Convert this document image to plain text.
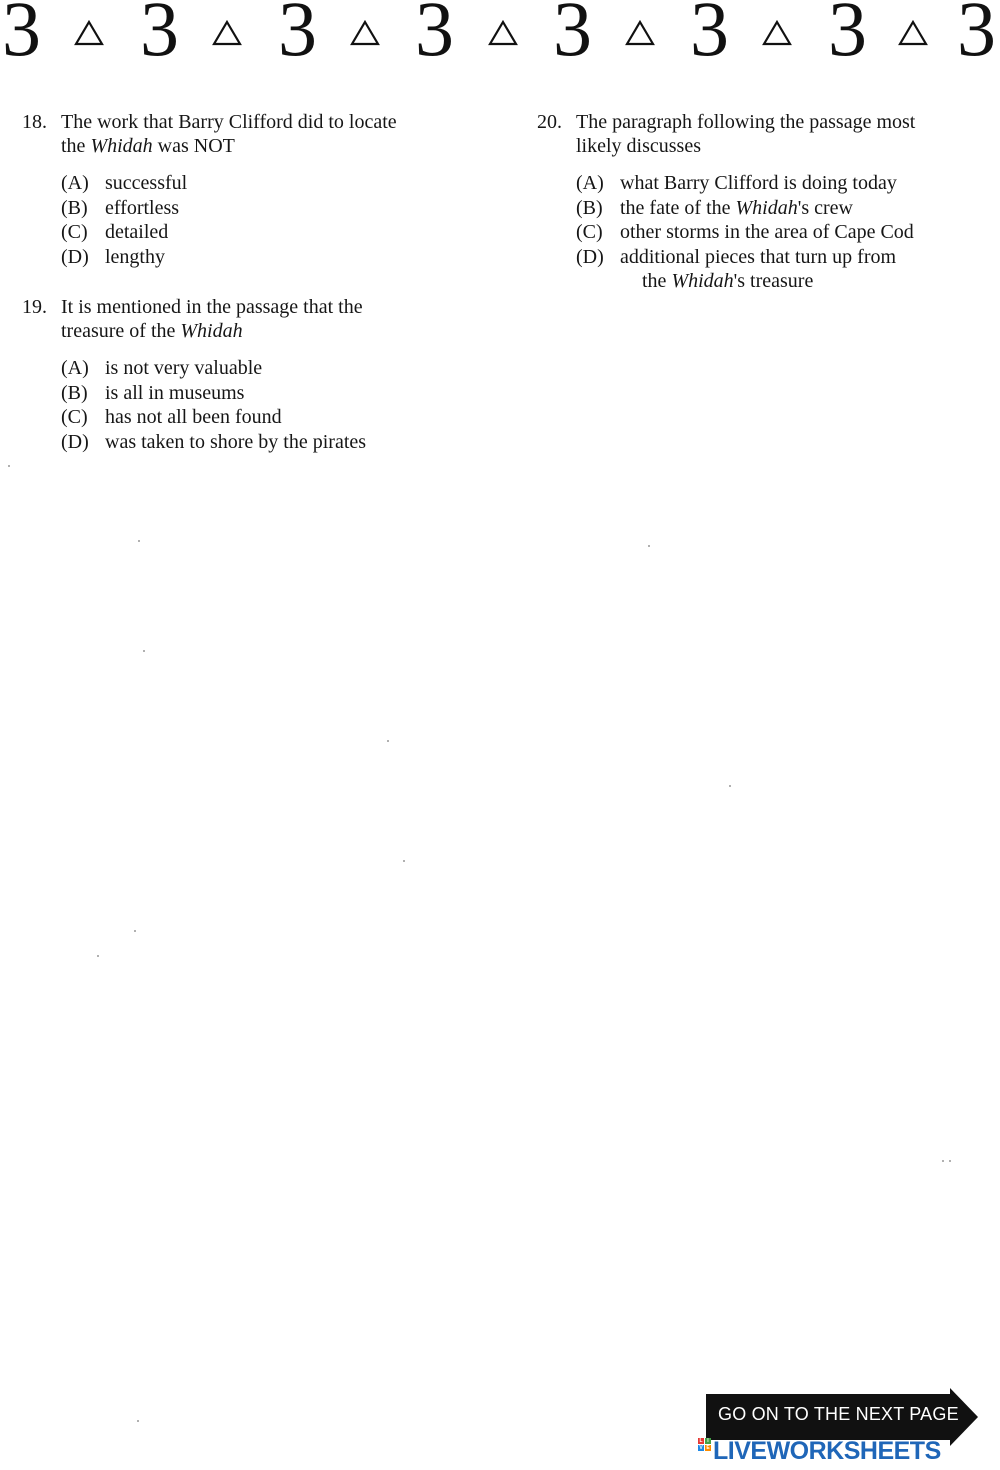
3 3 3 3 3 3 3 3
18. The work that Barry Clifford did to locate
the Whidah was NOT
(A) successful
(B) effortless
(C) detailed
(D) lengthy
19. It is mentioned in the passage that the
treasure of the Whidah
(A) is not very valuable
(B) is all in museums
(C) has not all been found
(D) was taken to shore by the pirates
20. The paragraph following the passage most
likely discusses
(A) what Barry Clifford is doing today
(B) the fate of the Whidah's crew
(C) other storms in the area of Cape Cod
(D) additional pieces that turn up from
the Whidah's treasure
GO ON TO THE NEXT PAGE
L I
V E LIVEWORKSHEETS
